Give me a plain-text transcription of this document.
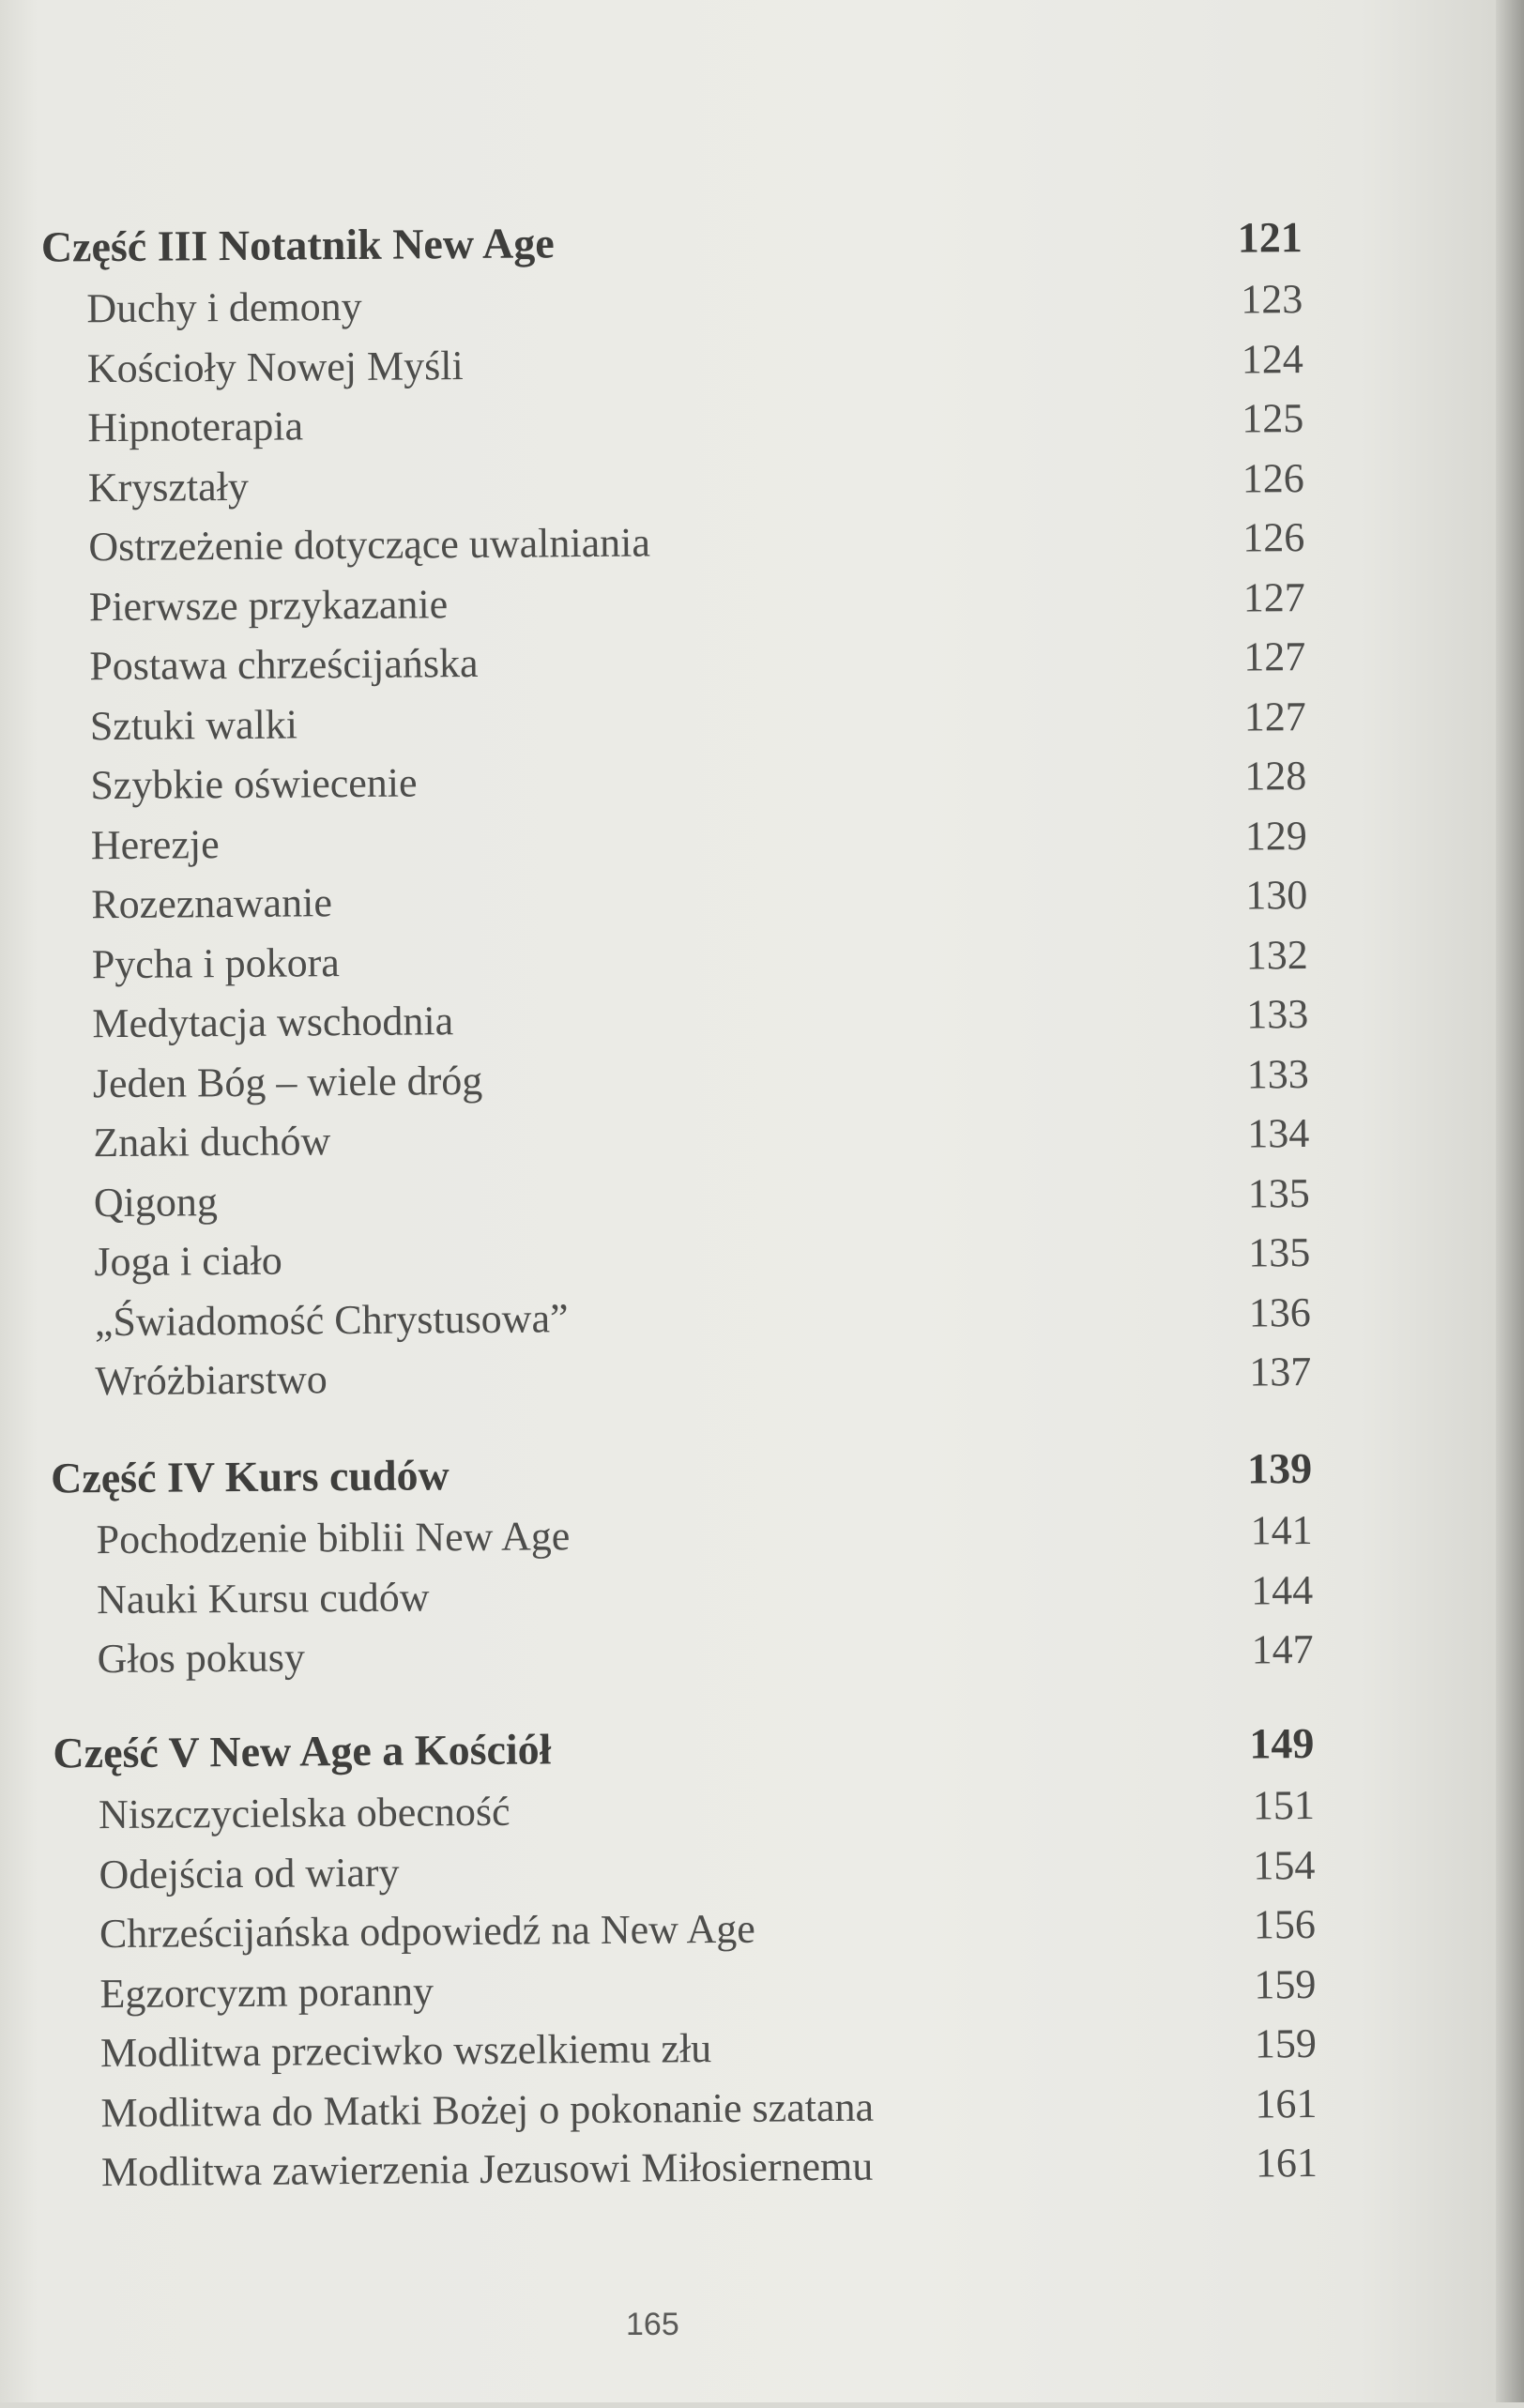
Część III Notatnik New Age	121
Duchy i demony	123
Kościoły Nowej Myśli	124
Hipnoterapia	125
Kryształy	126
Ostrzeżenie dotyczące uwalniania	126
Pierwsze przykazanie	127
Postawa chrześcijańska	127
Sztuki walki	127
Szybkie oświecenie	128
Herezje	129
Rozeznawanie	130
Pycha i pokora	132
Medytacja wschodnia	133
Jeden Bóg – wiele dróg	133
Znaki duchów	134
Qigong	135
Joga i ciało	135
„Świadomość Chrystusowa”	136
Wróżbiarstwo	137
Część IV Kurs cudów	139
Pochodzenie biblii New Age	141
Nauki Kursu cudów	144
Głos pokusy	147
Część V New Age a Kościół	149
Niszczycielska obecność	151
Odejścia od wiary	154
Chrześcijańska odpowiedź na New Age	156
Egzorcyzm poranny	159
Modlitwa przeciwko wszelkiemu złu	159
Modlitwa do Matki Bożej o pokonanie szatana	161
Modlitwa zawierzenia Jezusowi Miłosiernemu	161
165
